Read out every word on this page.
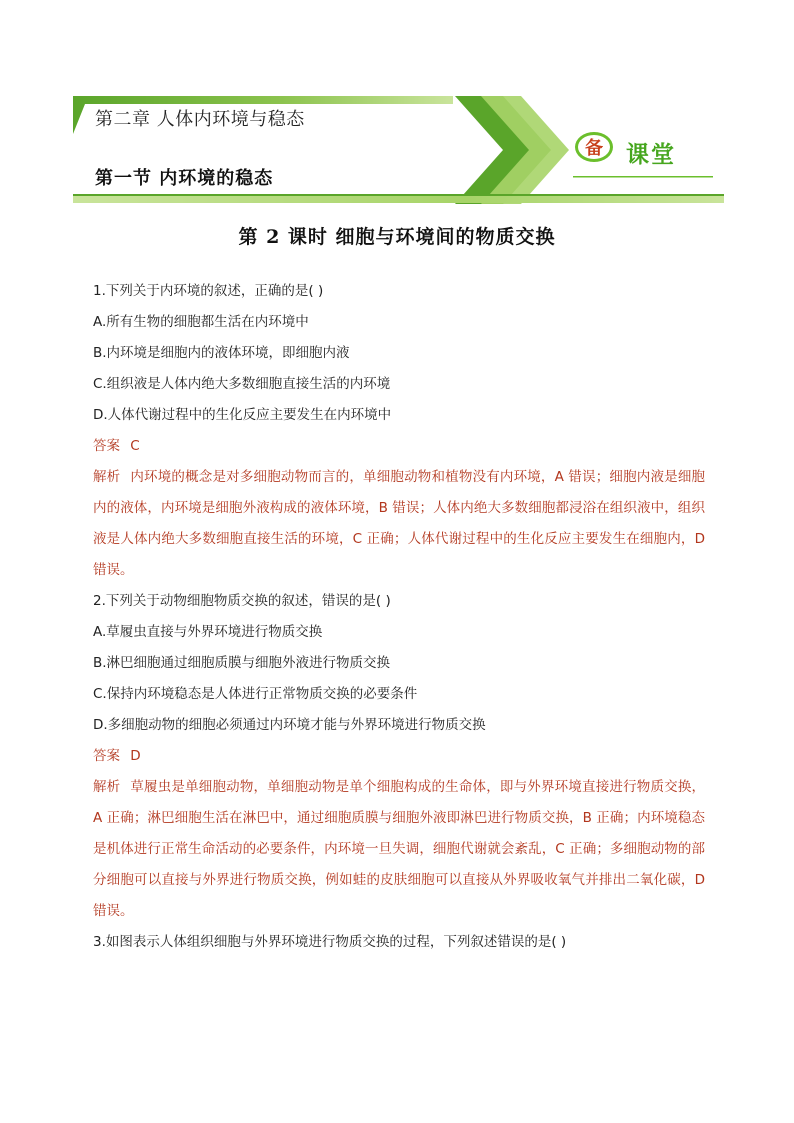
第二章 人体内环境与稳态
第一节 内环境的稳态
备	课堂
第 2 课时 细胞与环境间的物质交换
1.下列关于内环境的叙述，正确的是( )
A.所有生物的细胞都生活在内环境中
B.内环境是细胞内的液体环境，即细胞内液
C.组织液是人体内绝大多数细胞直接生活的内环境
D.人体代谢过程中的生化反应主要发生在内环境中
答案 C
解析 内环境的概念是对多细胞动物而言的，单细胞动物和植物没有内环境，A 错误；细胞内液是细胞内的液体，内环境是细胞外液构成的液体环境，B 错误；人体内绝大多数细胞都浸浴在组织液中，组织液是人体内绝大多数细胞直接生活的环境，C 正确；人体代谢过程中的生化反应主要发生在细胞内，D 错误。
2.下列关于动物细胞物质交换的叙述，错误的是( )
A.草履虫直接与外界环境进行物质交换
B.淋巴细胞通过细胞质膜与细胞外液进行物质交换
C.保持内环境稳态是人体进行正常物质交换的必要条件
D.多细胞动物的细胞必须通过内环境才能与外界环境进行物质交换
答案 D
解析 草履虫是单细胞动物，单细胞动物是单个细胞构成的生命体，即与外界环境直接进行物质交换，A 正确；淋巴细胞生活在淋巴中，通过细胞质膜与细胞外液即淋巴进行物质交换，B 正确；内环境稳态是机体进行正常生命活动的必要条件，内环境一旦失调，细胞代谢就会紊乱，C 正确；多细胞动物的部分细胞可以直接与外界进行物质交换，例如蛙的皮肤细胞可以直接从外界吸收氧气并排出二氧化碳，D 错误。
3.如图表示人体组织细胞与外界环境进行物质交换的过程，下列叙述错误的是( )
